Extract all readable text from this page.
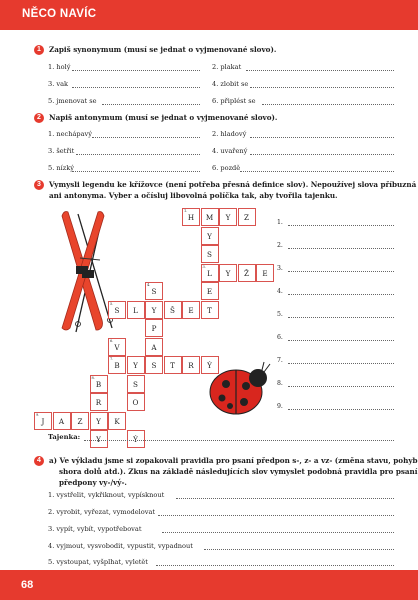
NĚCO NAVÍC
1	Zapiš synonymum (musí se jednat o vyjmenované slovo).
1. holý	2. plakat
3. vak	4. zlobit se
5. jmenovat se	6. připlést se
2	Napiš antonymum (musí se jednat o vyjmenované slovo).
1. nechápavý	2. hladový
3. šetřit	4. uvařený
5. nízký	6. pozdě
3	Vymysli legendu ke křížovce (není potřeba přesná definice slov). Nepoužívej slova příbuzná
ani antonyma. Vyber a očísluj libovolná políčka tak, aby tvořila tajenku.
H
1.
M	Y	Z
Y
S
L
3.
Y	Ž	E
S
4.
E
S
5.
L	Y	Š	E	T
P
V
6.
A
B
7.
Y	S	T	R	Ý
B
8.
S
R	O
J
9.
A	Z	Y	K
Y	Ý
1.
2.
3.
4.
5.
6.
7.
8.
9.
Tajenka:
4	a) Ve výkladu jsme si zopakovali pravidla pro psaní předpon s-, z- a vz- (změna stavu, pohyb
shora dolů atd.). Zkus na základě následujících slov vymyslet podobná pravidla pro psaní
předpony vy-/vý-.
1. vystřelit, vykřiknout, vypísknout
2. vyrobit, vyřezat, vymodelovat
3. vypít, vybít, vypotřebovat
4. vyjmout, vysvobodit, vypustit, vypadnout
5. vystoupat, vyšplhat, vyletět
68
